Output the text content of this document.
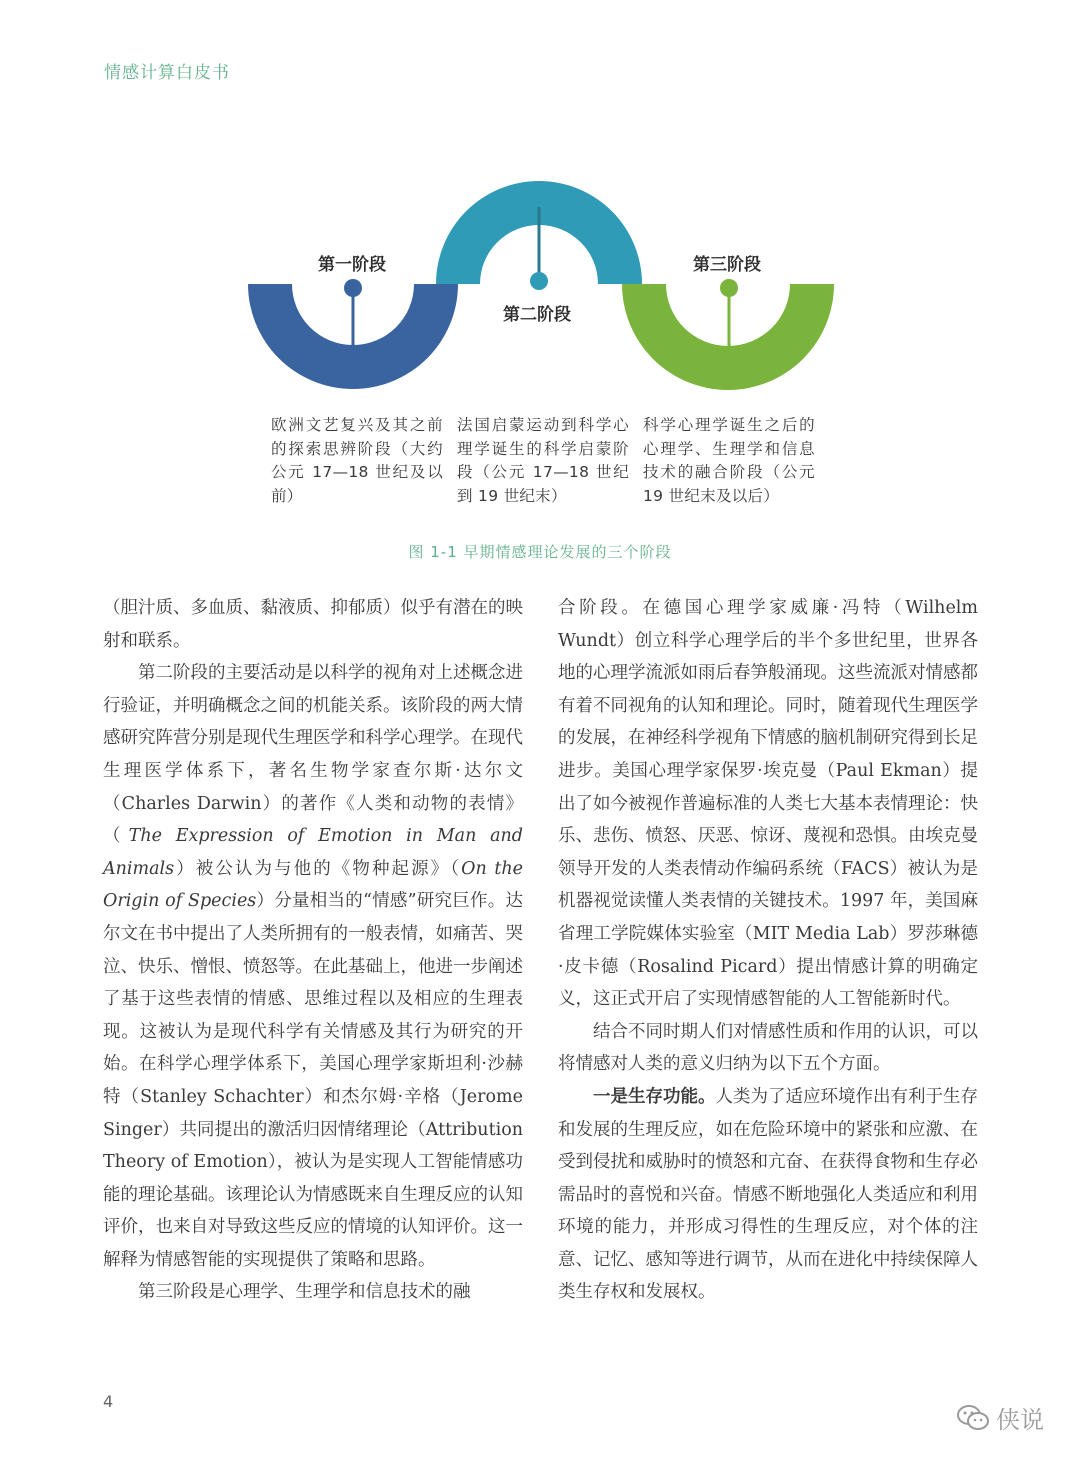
情感计算白皮书
第一阶段
第二阶段
第三阶段
欧洲文艺复兴及其之前的探索思辨阶段（大约公元 17—18 世纪及以前）
法国启蒙运动到科学心理学诞生的科学启蒙阶段（公元 17—18 世纪到 19 世纪末）
科学心理学诞生之后的心理学、生理学和信息技术的融合阶段（公元 19 世纪末及以后）
图 1-1 早期情感理论发展的三个阶段

（胆汁质、多血质、黏液质、抑郁质）似乎有潜在的映射和联系。

第二阶段的主要活动是以科学的视角对上述概念进行验证，并明确概念之间的机能关系。该阶段的两大情感研究阵营分别是现代生理医学和科学心理学。在现代生理医学体系下，著名生物学家查尔斯·达尔文（Charles Darwin）的著作《人类和动物的表情》（The Expression of Emotion in Man and Animals）被公认为与他的《物种起源》（On the Origin of Species）分量相当的“情感”研究巨作。达尔文在书中提出了人类所拥有的一般表情，如痛苦、哭泣、快乐、憎恨、愤怒等。在此基础上，他进一步阐述了基于这些表情的情感、思维过程以及相应的生理表现。这被认为是现代科学有关情感及其行为研究的开始。在科学心理学体系下，美国心理学家斯坦利·沙赫特（Stanley Schachter）和杰尔姆·辛格（Jerome Singer）共同提出的激活归因情绪理论（Attribution Theory of Emotion），被认为是实现人工智能情感功能的理论基础。该理论认为情感既来自生理反应的认知评价，也来自对导致这些反应的情境的认知评价。这一解释为情感智能的实现提供了策略和思路。

第三阶段是心理学、生理学和信息技术的融

合阶段。在德国心理学家威廉·冯特（Wilhelm Wundt）创立科学心理学后的半个多世纪里，世界各地的心理学流派如雨后春笋般涌现。这些流派对情感都有着不同视角的认知和理论。同时，随着现代生理医学的发展，在神经科学视角下情感的脑机制研究得到长足进步。美国心理学家保罗·埃克曼（Paul Ekman）提出了如今被视作普遍标准的人类七大基本表情理论：快乐、悲伤、愤怒、厌恶、惊讶、蔑视和恐惧。由埃克曼领导开发的人类表情动作编码系统（FACS）被认为是机器视觉读懂人类表情的关键技术。1997 年，美国麻省理工学院媒体实验室（MIT Media Lab）罗莎琳德·皮卡德（Rosalind Picard）提出情感计算的明确定义，这正式开启了实现情感智能的人工智能新时代。

结合不同时期人们对情感性质和作用的认识，可以将情感对人类的意义归纳为以下五个方面。

一是生存功能。人类为了适应环境作出有利于生存和发展的生理反应，如在危险环境中的紧张和应激、在受到侵扰和威胁时的愤怒和亢奋、在获得食物和生存必需品时的喜悦和兴奋。情感不断地强化人类适应和利用环境的能力，并形成习得性的生理反应，对个体的注意、记忆、感知等进行调节，从而在进化中持续保障人类生存权和发展权。

4
侠说
